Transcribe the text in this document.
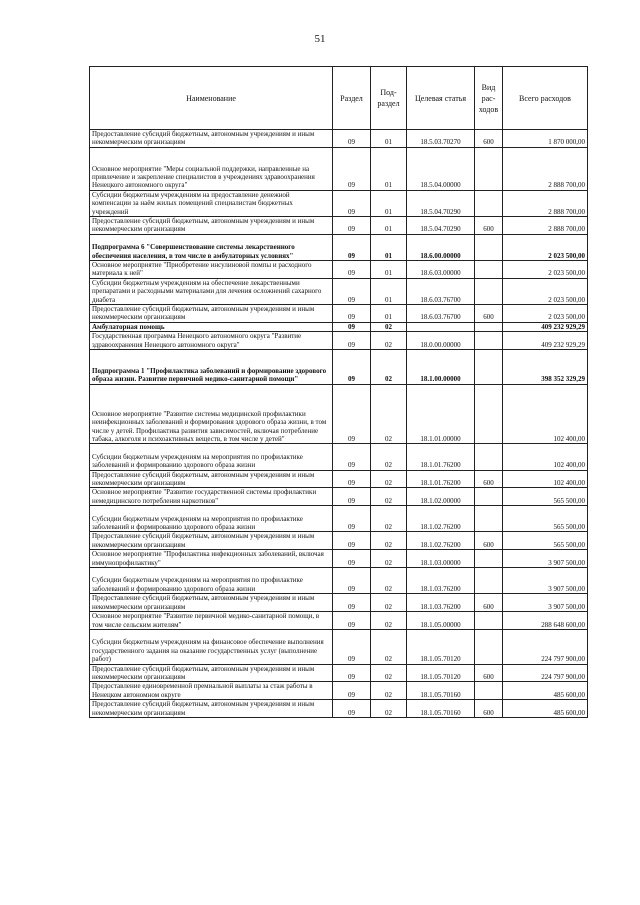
51
Наименование	Раздел	Под-раздел	Целевая статья	Вид рас-ходов	Всего расходов
Предоставление субсидий бюджетным, автономным учреждениям и иным некоммерческим организациям	09	01	18.5.03.70270	600	1 870 000,00
Основное мероприятие "Меры социальной поддержки, направленные на привлечение и закрепление специалистов в учреждениях здравоохранения Ненецкого автономного округа"	09	01	18.5.04.00000		2 888 700,00
Субсидии бюджетным учреждениям на предоставление денежной компенсации за наём жилых помещений специалистам бюджетных учреждений	09	01	18.5.04.70290		2 888 700,00
Предоставление субсидий бюджетным, автономным учреждениям и иным некоммерческим организациям	09	01	18.5.04.70290	600	2 888 700,00
Подпрограмма 6 "Совершенствование системы лекарственного обеспечения населения, в том числе в амбулаторных условиях"	09	01	18.6.00.00000		2 023 500,00
Основное мероприятие "Приобретение инсулиновой помпы и расходного материала к ней"	09	01	18.6.03.00000		2 023 500,00
Субсидии бюджетным учреждениям на обеспечение лекарственными препаратами и расходными материалами для лечения осложнений сахарного диабета	09	01	18.6.03.76700		2 023 500,00
Предоставление субсидий бюджетным, автономным учреждениям и иным некоммерческим организациям	09	01	18.6.03.76700	600	2 023 500,00
Амбулаторная помощь	09	02			409 232 929,29
Государственная программа Ненецкого автономного округа "Развитие здравоохранения Ненецкого автономного округа"	09	02	18.0.00.00000		409 232 929,29
Подпрограмма 1 "Профилактика заболеваний и формирование здорового образа жизни. Развитие первичной медико-санитарной помощи"	09	02	18.1.00.00000		398 352 329,29
Основное мероприятие "Развитие системы медицинской профилактики неинфекционных заболеваний и формирования здорового образа жизни, в том числе у детей. Профилактика развития зависимостей, включая потребление табака, алкоголя и психоактивных веществ, в том числе у детей"	09	02	18.1.01.00000		102 400,00
Субсидии бюджетным учреждениям на мероприятия по профилактике заболеваний и формированию здорового образа жизни	09	02	18.1.01.76200		102 400,00
Предоставление субсидий бюджетным, автономным учреждениям и иным некоммерческим организациям	09	02	18.1.01.76200	600	102 400,00
Основное мероприятие "Развитие государственной системы профилактики немедицинского потребления наркотиков"	09	02	18.1.02.00000		565 500,00
Субсидии бюджетным учреждениям на мероприятия по профилактике заболеваний и формированию здорового образа жизни	09	02	18.1.02.76200		565 500,00
Предоставление субсидий бюджетным, автономным учреждениям и иным некоммерческим организациям	09	02	18.1.02.76200	600	565 500,00
Основное мероприятие "Профилактика инфекционных заболеваний, включая иммунопрофилактику"	09	02	18.1.03.00000		3 907 500,00
Субсидии бюджетным учреждениям на мероприятия по профилактике заболеваний и формированию здорового образа жизни	09	02	18.1.03.76200		3 907 500,00
Предоставление субсидий бюджетным, автономным учреждениям и иным некоммерческим организациям	09	02	18.1.03.76200	600	3 907 500,00
Основное мероприятие "Развитие первичной медико-санитарной помощи, в том числе сельским жителям"	09	02	18.1.05.00000		288 648 600,00
Субсидии бюджетным учреждениям на финансовое обеспечение выполнения государственного задания на оказание государственных услуг (выполнение работ)	09	02	18.1.05.70120		224 797 900,00
Предоставление субсидий бюджетным, автономным учреждениям и иным некоммерческим организациям	09	02	18.1.05.70120	600	224 797 900,00
Предоставление единовременной премиальной выплаты за стаж работы в Ненецком автономном округе	09	02	18.1.05.70160		485 600,00
Предоставление субсидий бюджетным, автономным учреждениям и иным некоммерческим организациям	09	02	18.1.05.70160	600	485 600,00
